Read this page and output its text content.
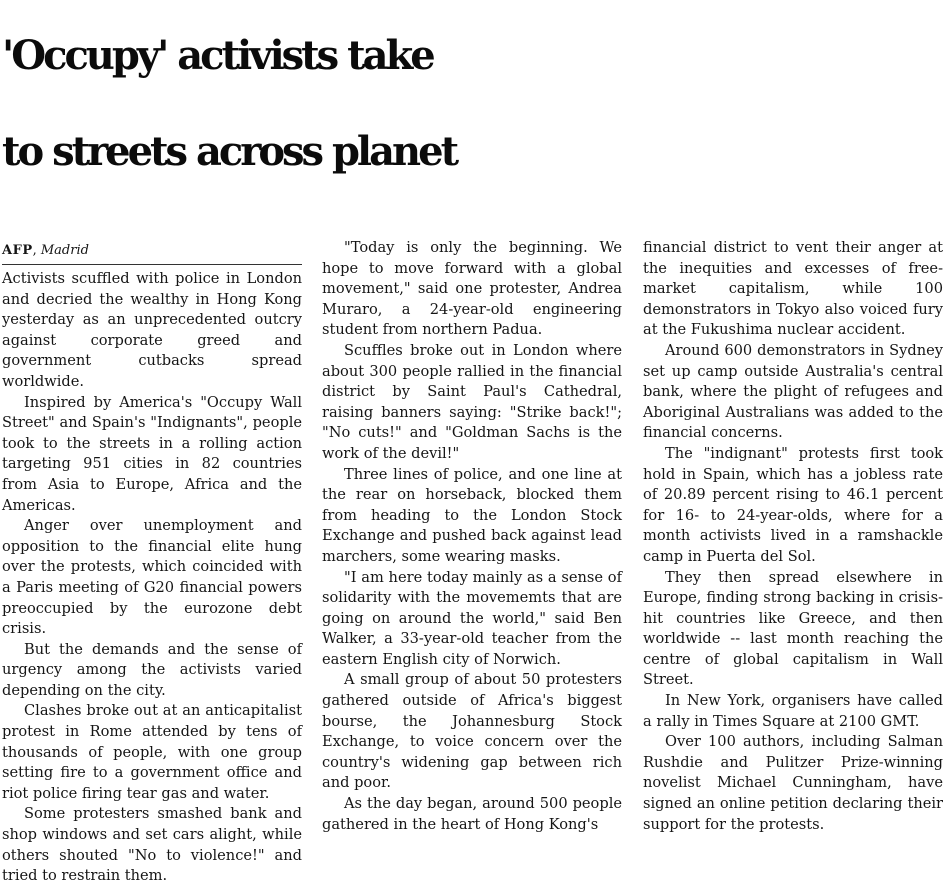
'Occupy' activists take
to streets across planet
AFP, Madrid

Activists scuffled with police in London and decried the wealthy in Hong Kong yesterday as an unprecedented outcry against corporate greed and government cutbacks spread worldwide.

Inspired by America's "Occupy Wall Street" and Spain's "Indignants", people took to the streets in a rolling action targeting 951 cities in 82 countries from Asia to Europe, Africa and the Americas.

Anger over unemployment and opposition to the financial elite hung over the protests, which coincided with a Paris meeting of G20 financial powers preoccupied by the eurozone debt crisis.

But the demands and the sense of urgency among the activists varied depending on the city.

Clashes broke out at an anticapitalist protest in Rome attended by tens of thousands of people, with one group setting fire to a government office and riot police firing tear gas and water.

Some protesters smashed bank and shop windows and set cars alight, while others shouted "No to violence!" and tried to restrain them.

"Today is only the beginning. We hope to move forward with a global movement," said one protester, Andrea Muraro, a 24-year-old engineering student from northern Padua.

Scuffles broke out in London where about 300 people rallied in the financial district by Saint Paul's Cathedral, raising banners saying: "Strike back!"; "No cuts!" and "Goldman Sachs is the work of the devil!"

Three lines of police, and one line at the rear on horseback, blocked them from heading to the London Stock Exchange and pushed back against lead marchers, some wearing masks.

"I am here today mainly as a sense of solidarity with the movememts that are going on around the world," said Ben Walker, a 33-year-old teacher from the eastern English city of Norwich.

A small group of about 50 protesters gathered outside of Africa's biggest bourse, the Johannesburg Stock Exchange, to voice concern over the country's widening gap between rich and poor.

As the day began, around 500 people gathered in the heart of Hong Kong's

financial district to vent their anger at the inequities and excesses of free-market capitalism, while 100 demonstrators in Tokyo also voiced fury at the Fukushima nuclear accident.

Around 600 demonstrators in Sydney set up camp outside Australia's central bank, where the plight of refugees and Aboriginal Australians was added to the financial concerns.

The "indignant" protests first took hold in Spain, which has a jobless rate of 20.89 percent rising to 46.1 percent for 16- to 24-year-olds, where for a month activists lived in a ramshackle camp in Puerta del Sol.

They then spread elsewhere in Europe, finding strong backing in crisis-hit countries like Greece, and then worldwide -- last month reaching the centre of global capitalism in Wall Street.

In New York, organisers have called a rally in Times Square at 2100 GMT.

Over 100 authors, including Salman Rushdie and Pulitzer Prize-winning novelist Michael Cunningham, have signed an online petition declaring their support for the protests.
